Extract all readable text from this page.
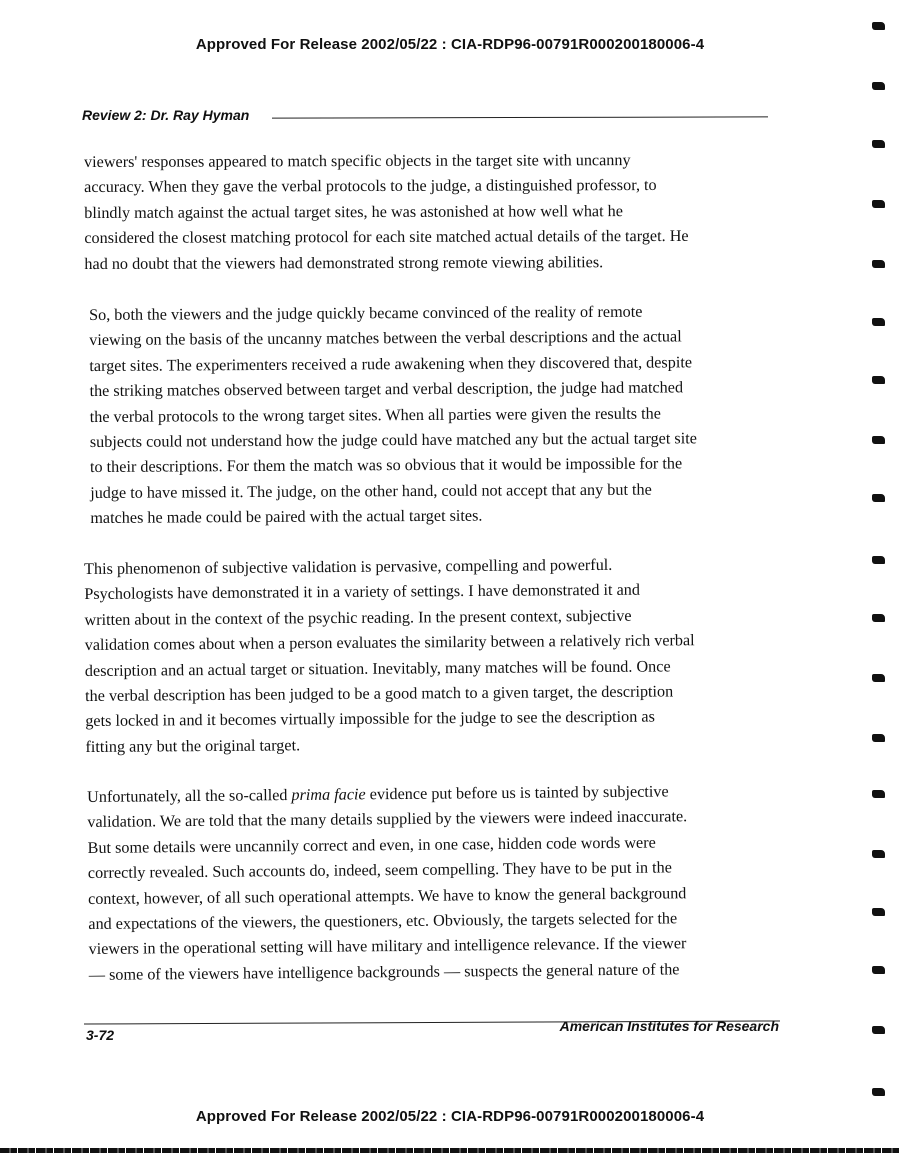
Approved For Release 2002/05/22 : CIA-RDP96-00791R000200180006-4
Review 2: Dr. Ray Hyman

viewers' responses appeared to match specific objects in the target site with uncanny
accuracy. When they gave the verbal protocols to the judge, a distinguished professor, to
blindly match against the actual target sites, he was astonished at how well what he
considered the closest matching protocol for each site matched actual details of the target. He
had no doubt that the viewers had demonstrated strong remote viewing abilities.

So, both the viewers and the judge quickly became convinced of the reality of remote
viewing on the basis of the uncanny matches between the verbal descriptions and the actual
target sites. The experimenters received a rude awakening when they discovered that, despite
the striking matches observed between target and verbal description, the judge had matched
the verbal protocols to the wrong target sites. When all parties were given the results the
subjects could not understand how the judge could have matched any but the actual target site
to their descriptions. For them the match was so obvious that it would be impossible for the
judge to have missed it. The judge, on the other hand, could not accept that any but the
matches he made could be paired with the actual target sites.

This phenomenon of subjective validation is pervasive, compelling and powerful.
Psychologists have demonstrated it in a variety of settings. I have demonstrated it and
written about in the context of the psychic reading. In the present context, subjective
validation comes about when a person evaluates the similarity between a relatively rich verbal
description and an actual target or situation. Inevitably, many matches will be found. Once
the verbal description has been judged to be a good match to a given target, the description
gets locked in and it becomes virtually impossible for the judge to see the description as
fitting any but the original target.

Unfortunately, all the so-called prima facie evidence put before us is tainted by subjective
validation. We are told that the many details supplied by the viewers were indeed inaccurate.
But some details were uncannily correct and even, in one case, hidden code words were
correctly revealed. Such accounts do, indeed, seem compelling. They have to be put in the
context, however, of all such operational attempts. We have to know the general background
and expectations of the viewers, the questioners, etc. Obviously, the targets selected for the
viewers in the operational setting will have military and intelligence relevance. If the viewer
— some of the viewers have intelligence backgrounds — suspects the general nature of the

3-72
American Institutes for Research
Approved For Release 2002/05/22 : CIA-RDP96-00791R000200180006-4
